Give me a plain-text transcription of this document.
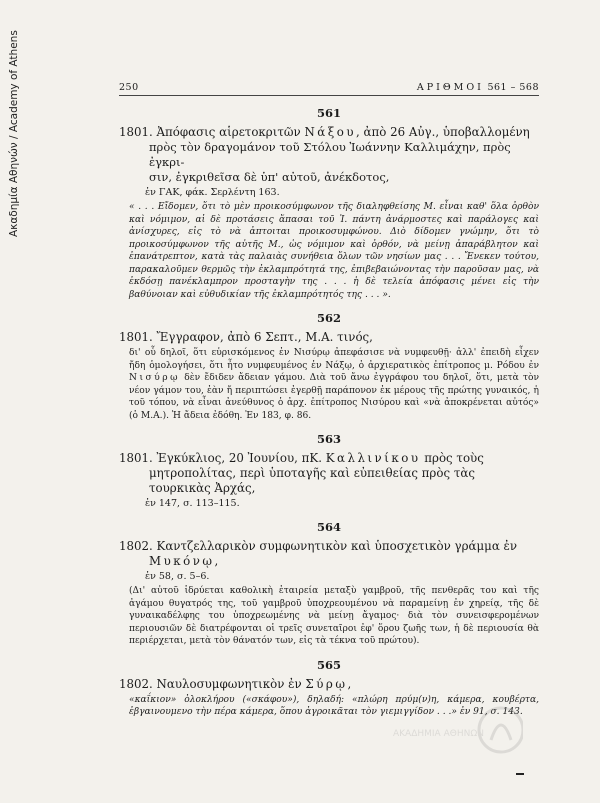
Ακαδημία Αθηνών / Academy of Athens	250	ΑΡΙΘΜΟΙ 561 – 568
561

1801. Ἀπόφασις αἱρετοκριτῶν Νάξου, ἀπὸ 26 Αὐγ., ὑποβαλλομένη

πρὸς τὸν δραγομάνον τοῦ Στόλου Ἰωάννην Καλλιμάχην, πρὸς ἐγκρι-

σιν, ἐγκριθεῖσα δὲ ὑπ' αὐτοῦ, ἀνέκδοτος,

ἐν ΓΑΚ, φάκ. Σερλέντη 163.

« . . . Εἴδομεν, ὅτι τὸ μὲν προικοσύμφωνον τῆς διαληφθείσης Μ. εἶναι καθ' ὅλα ὀρθὸν καὶ νόμιμον, αἱ δὲ προτάσεις ἅπασαι τοῦ Ἰ. πάντη ἀνάρμοστες καὶ παράλογες καὶ ἀνίσχυρες, εἰς τὸ νὰ ἀπτοιται προικοσυμφώνου. Διὸ δίδομεν γνώμην, ὅτι τὸ προικοσύμφωνον τῆς αὐτῆς Μ., ὡς νόμιμον καὶ ὀρθόν, νὰ μείνῃ ἀπαράβλητον καὶ ἐπανάτρεπτον, κατὰ τὰς παλαιὰς συνήθεια ὅλων τῶν νησίων μας . . . Ἔνεκεν τούτου, παρακαλοῦμεν θερμῶς τὴν ἐκλαμπρότητά της, ἐπιβεβαιώνοντας τὴν παροῦσαν μας, νὰ ἐκδόσῃ πανέκλαμπρον προσταγὴν της . . . ἡ δὲ τελεία ἀπόφασις μένει εἰς τὴν βαθύνοιαν καὶ εὐθυδικίαν τῆς ἐκλαμπρότητός της . . . ».

562

1801. Ἔγγραφον, ἀπὸ 6 Σεπτ., Μ.Α. τινός,

δι' οὗ δηλοῖ, ὅτι εὑρισκόμενος ἐν Νισύρῳ ἀπεφάσισε νὰ νυμφευθῇ· ἀλλ' ἐπειδὴ εἶχεν ἤδη ὁμολογήσει, ὅτι ἦτο νυμφευμένος ἐν Νάξῳ, ὁ ἀρχιερατικὸς ἐπίτροπος μ. Ρόδου ἐν Νισύρῳ δὲν ἔδιδεν ἄδειαν γάμου. Διὰ τοῦ ἄνω ἐγγράφου του δηλοῖ, ὅτι, μετὰ τὸν νέον γάμον του, ἐὰν ἤ περιπτώσει ἐγερθῇ παράπονον ἐκ μέρους τῆς πρώτης γυναικός, ἡ τοῦ τόπου, νὰ εἶναι ἀνεύθυνος ὁ ἀρχ. ἐπίτροπος Νισύρου καὶ «νὰ ἀποκρένεται αὐτός» (ὁ Μ.Α.). Ἡ ἄδεια ἐδόθη. Ἐν 183, φ. 86.

563

1801. Ἐγκύκλιος, 20 Ἰουνίου, πΚ. Καλλινίκου πρὸς τοὺς μητροπολίτας, περὶ ὑποταγῆς καὶ εὐπειθείας πρὸς τὰς τουρκικὰς Ἀρχάς,

ἐν 147, σ. 113–115.

564

1802. Καντζελλαρικὸν συμφωνητικὸν καὶ ὑποσχετικὸν γράμμα ἐν Μυκόνῳ,

ἐν 58, σ. 5–6.

(Δι' αὐτοῦ ἱδρύεται καθολικὴ ἑταιρεία μεταξὺ γαμβροῦ, τῆς πενθερᾶς του καὶ τῆς ἀγάμου θυγατρός της, τοῦ γαμβροῦ ὑποχρεουμένου νὰ παραμείνῃ ἐν χηρείᾳ, τῆς δὲ γυναικαδέλφης του ὑποχρεωμένης νὰ μείνῃ ἄγαμος· διὰ τὸν συνεισφερομένων περιουσιῶν δὲ διατρέφονται οἱ τρεῖς συνεταῖροι ἐφ' ὅρου ζωῆς των, ἡ δὲ περιουσία θὰ περιέρχεται, μετὰ τὸν θάνατόν των, εἰς τὰ τέκνα τοῦ πρώτου).

565

1802. Ναυλοσυμφωνητικὸν ἐν Σύρῳ,

«καΐκιον» ὁλοκλήρου («σκάφου»), δηλαδή: «πλώρη πρύμ(ν)η, κάμερα, κουβέρτα, ἐβγαινουμενο τὴν πέρα κάμερα, ὅπου ἀγροικᾶται τὸν γιεμιγγίδον . . .» ἐν 91, σ. 143.

ΑΚΑΔΗΜΙΑ ΑΘΗΝΩΝ
